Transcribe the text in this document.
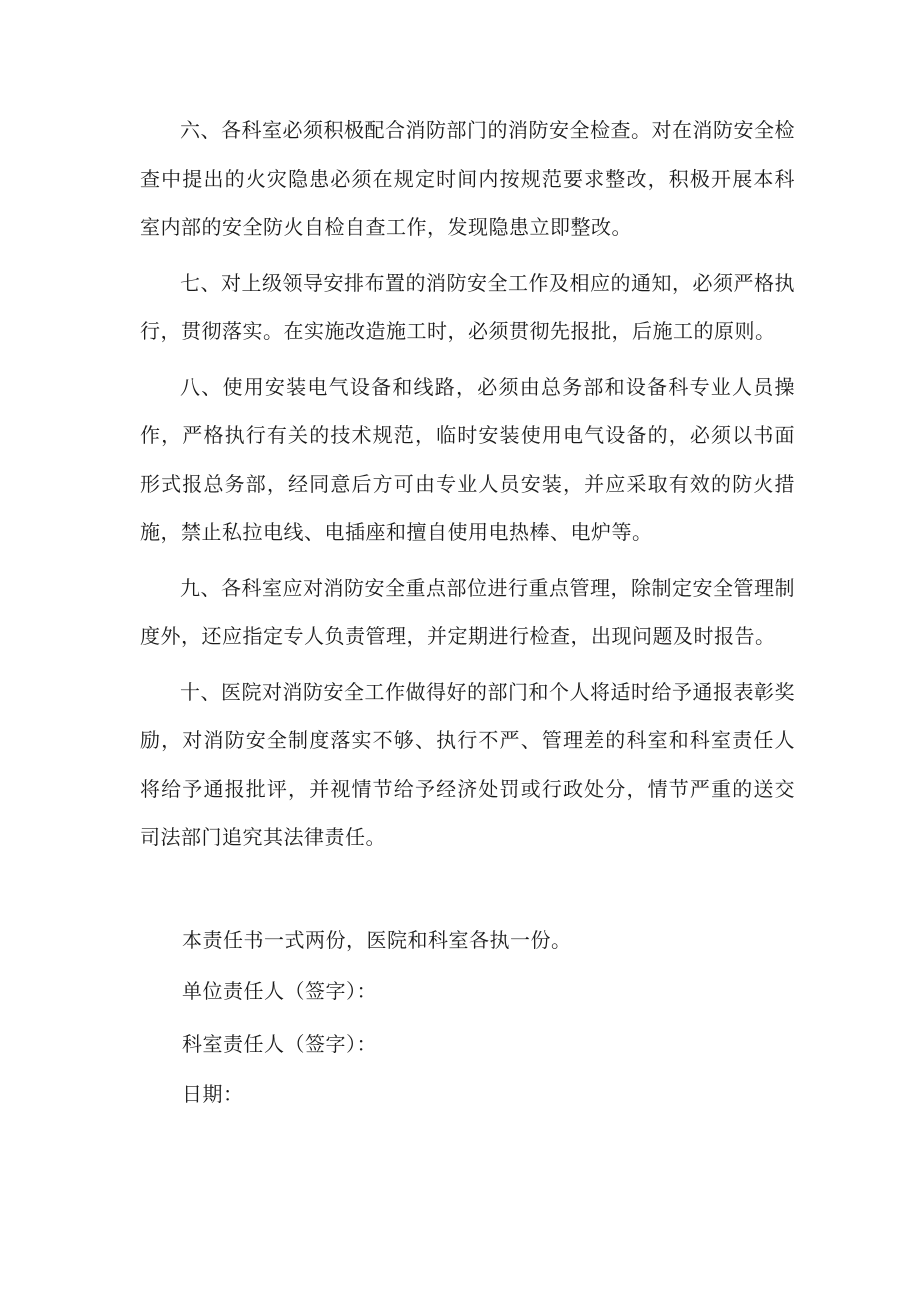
六、各科室必须积极配合消防部门的消防安全检查。对在消防安全检查中提出的火灾隐患必须在规定时间内按规范要求整改，积极开展本科室内部的安全防火自检自查工作，发现隐患立即整改。

七、对上级领导安排布置的消防安全工作及相应的通知，必须严格执行，贯彻落实。在实施改造施工时，必须贯彻先报批，后施工的原则。

八、使用安装电气设备和线路，必须由总务部和设备科专业人员操作，严格执行有关的技术规范，临时安装使用电气设备的，必须以书面形式报总务部，经同意后方可由专业人员安装，并应采取有效的防火措施，禁止私拉电线、电插座和擅自使用电热棒、电炉等。

九、各科室应对消防安全重点部位进行重点管理，除制定安全管理制度外，还应指定专人负责管理，并定期进行检查，出现问题及时报告。

十、医院对消防安全工作做得好的部门和个人将适时给予通报表彰奖励，对消防安全制度落实不够、执行不严、管理差的科室和科室责任人将给予通报批评，并视情节给予经济处罚或行政处分，情节严重的送交司法部门追究其法律责任。

本责任书一式两份，医院和科室各执一份。
单位责任人（签字）：
科室责任人（签字）：
日期：
